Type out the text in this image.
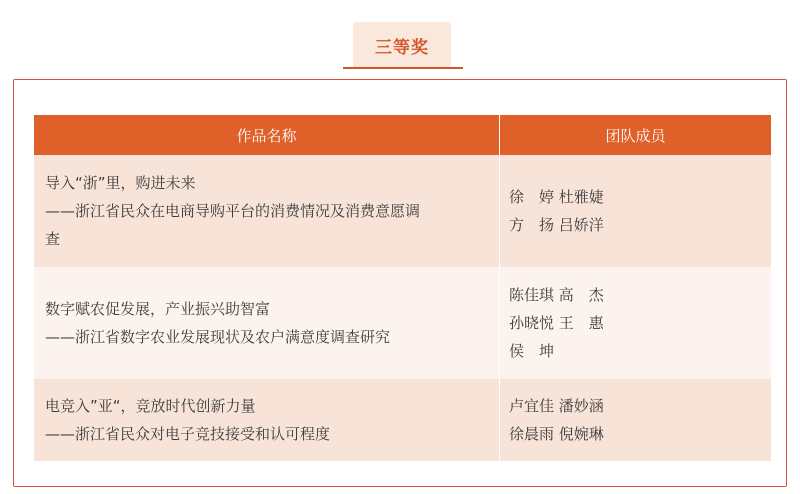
三等奖
作品名称	团队成员

导入“浙”里，购进未来
——浙江省民众在电商导购平台的消费情况及消费意愿调
查	徐　婷 杜雅婕
方　扬 吕娇洋

数字赋农促发展，产业振兴助智富
——浙江省数字农业发展现状及农户满意度调查研究	陈佳琪 高　杰
孙晓悦 王　惠
侯　坤

电竞入”亚“，竞放时代创新力量
——浙江省民众对电子竞技接受和认可程度	卢宜佳 潘妙涵
徐晨雨 倪婉琳
